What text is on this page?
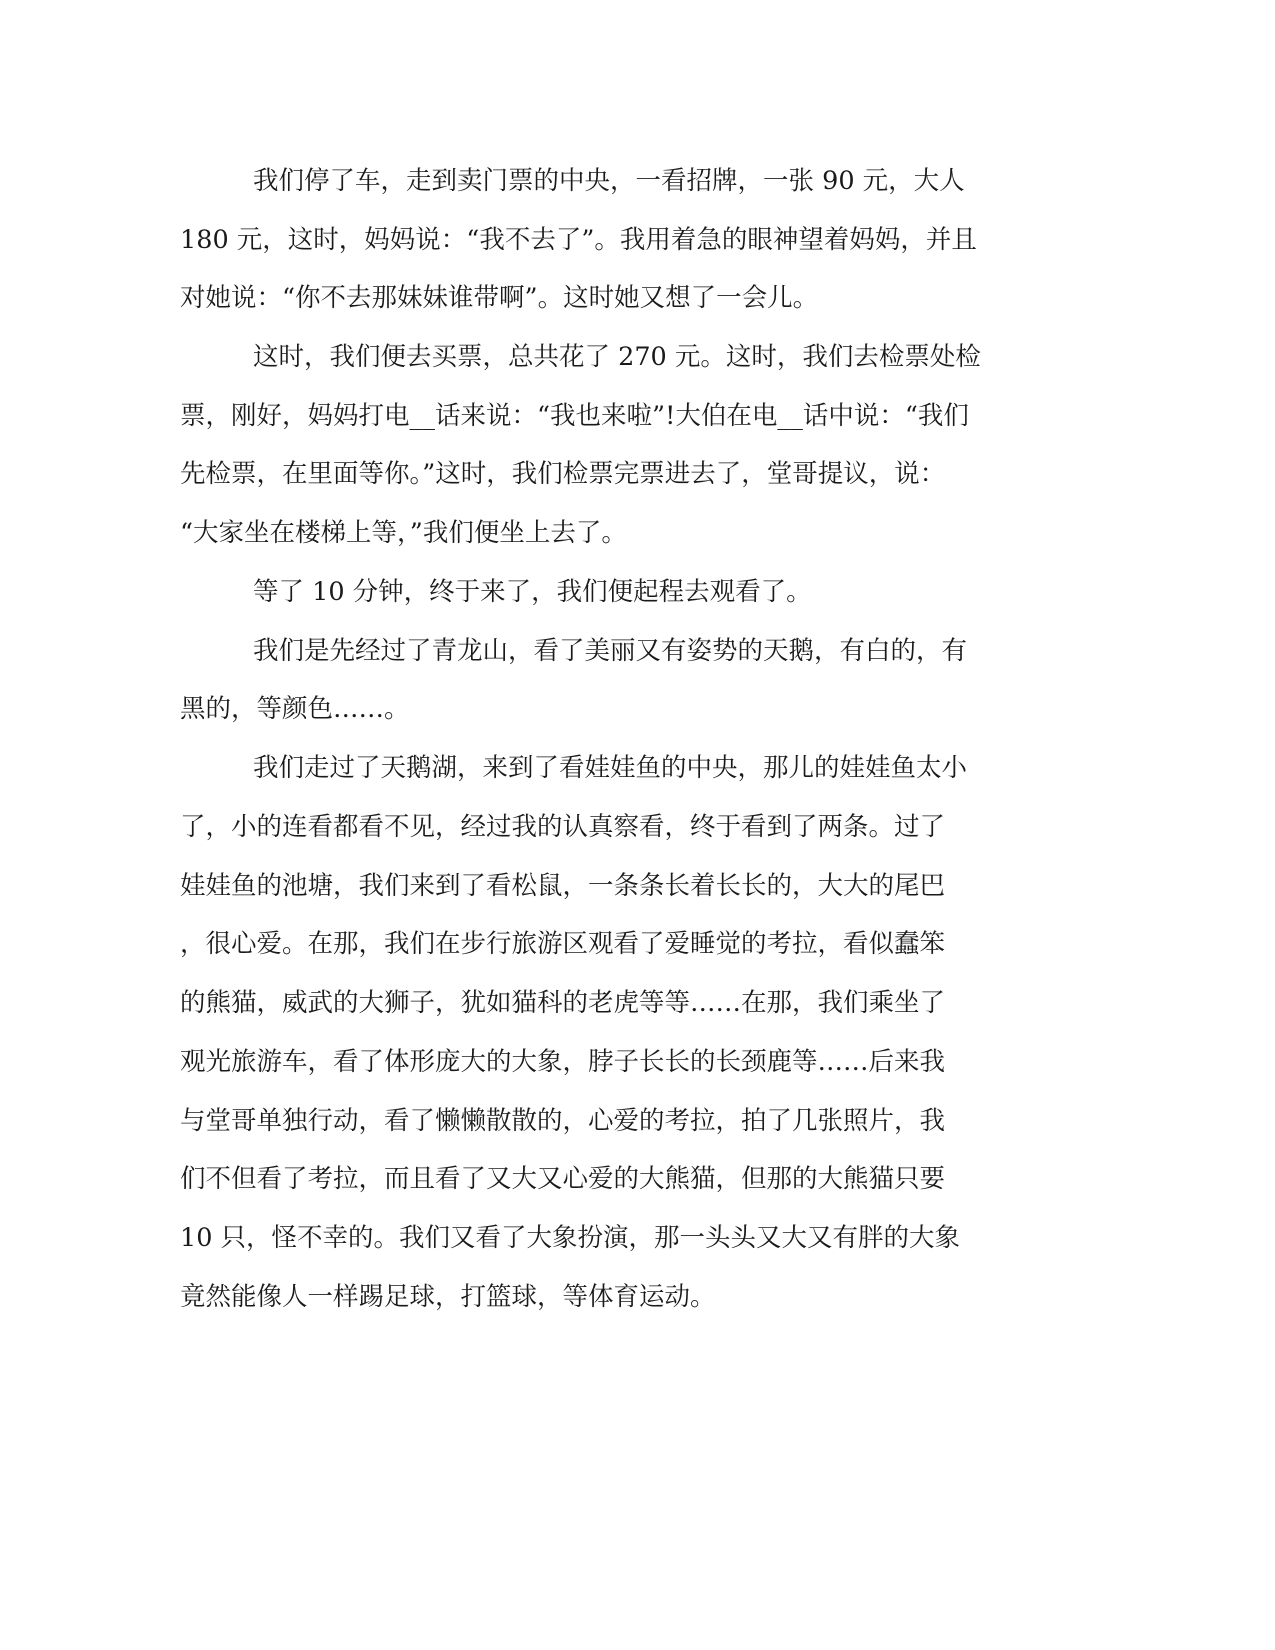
我们停了车，走到卖门票的中央，一看招牌，一张 90 元，大人
180 元，这时，妈妈说：“我不去了”。我用着急的眼神望着妈妈，并且
对她说：“你不去那妹妹谁带啊”。这时她又想了一会儿。
这时，我们便去买票，总共花了 270 元。这时，我们去检票处检
票，刚好，妈妈打电__话来说：“我也来啦”!大伯在电__话中说：“我们
先检票，在里面等你。”这时，我们检票完票进去了，堂哥提议，说：
“大家坐在楼梯上等，”我们便坐上去了。
等了 10 分钟，终于来了，我们便起程去观看了。
我们是先经过了青龙山，看了美丽又有姿势的天鹅，有白的，有
黑的，等颜色……。
我们走过了天鹅湖，来到了看娃娃鱼的中央，那儿的娃娃鱼太小
了，小的连看都看不见，经过我的认真察看，终于看到了两条。过了
娃娃鱼的池塘，我们来到了看松鼠，一条条长着长长的，大大的尾巴
，很心爱。在那，我们在步行旅游区观看了爱睡觉的考拉，看似蠢笨
的熊猫，威武的大狮子，犹如猫科的老虎等等……在那，我们乘坐了
观光旅游车，看了体形庞大的大象，脖子长长的长颈鹿等……后来我
与堂哥单独行动，看了懒懒散散的，心爱的考拉，拍了几张照片，我
们不但看了考拉，而且看了又大又心爱的大熊猫，但那的大熊猫只要
10 只，怪不幸的。我们又看了大象扮演，那一头头又大又有胖的大象
竟然能像人一样踢足球，打篮球，等体育运动。
